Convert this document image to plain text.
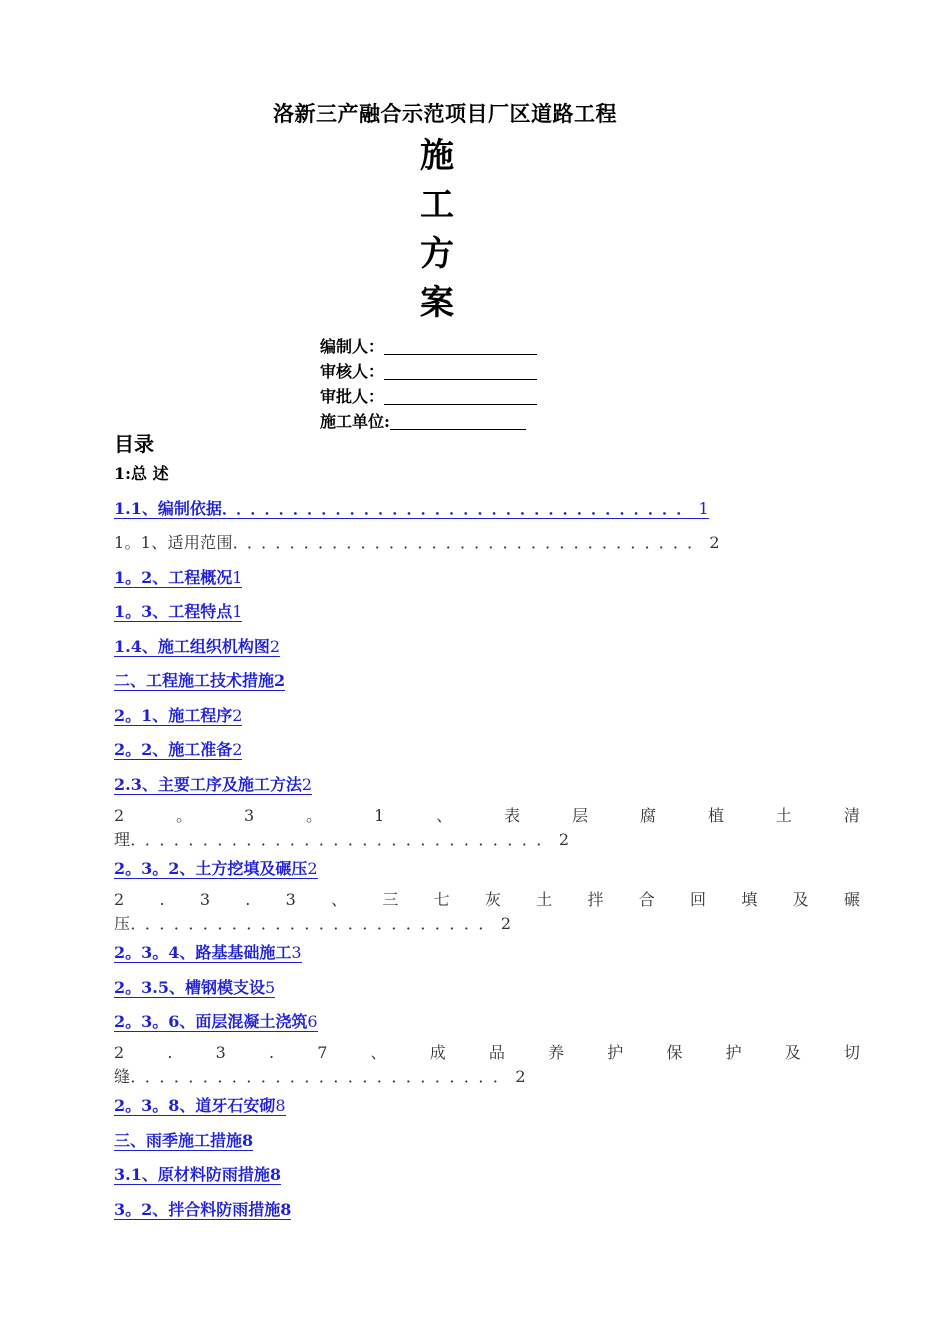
洛新三产融合示范项目厂区道路工程
施
工
方
案
编制人：
审核人：
审批人：
施工单位:
目录
1:总 述
1.1、编制依据．．．．．．．．．．．．．．．．．．．．．．．．．．．．．．．．．1
1。1、适用范围．．．．．．．．．．．．．．．．．．．．．．．．．．．．．．．．．2
1。2、工程概况1
1。3、工程特点1
1.4、施工组织机构图2
二、工程施工技术措施2
2。1、施工程序2
2。2、施工准备2
2.3、主要工序及施工方法2
2	。	3	。	1	、	表	层	腐	植	土	清
理．．．．．．．．．．．．．．．．．．．．．．．．．．．．．2
2。3。2、土方挖填及碾压2
2 . 3 . 3 、 三 七 灰 土 拌 合 回 填 及 碾
压．．．．．．．．．．．．．．．．．．．．．．．．．2
2。3。4、路基基础施工3
2。3.5、槽钢模支设5
2。3。6、面层混凝土浇筑6
2	.	3	.	7	、	成	品	养	护	保	护	及	切
缝．．．．．．．．．．．．．．．．．．．．．．．．．．2
2。3。8、道牙石安砌8
三、雨季施工措施8
3.1、原材料防雨措施8
3。2、拌合料防雨措施8
